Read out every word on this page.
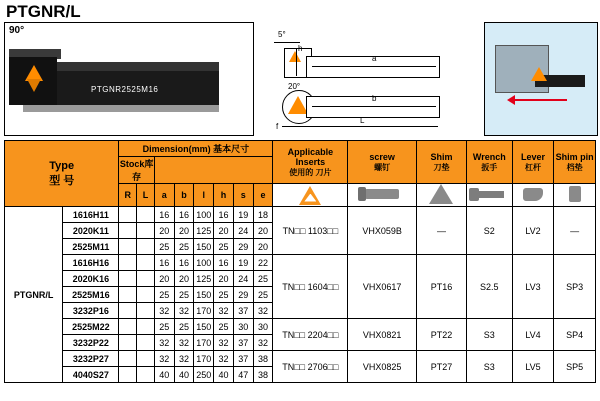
PTGNR/L
90°
PTGNR2525M16
5°
h
a
20°
b
f
L
Type
型 号
	Dimension(mm) 基本尺寸	Applicable Inserts
使用的 刀片

screw
螺钉

Shim
刀垫

Wrench
扳手

Lever
杠杆

Shim pin
档垫

		Stock库存													
		R	L	a	b	l	h	s	e	

PTGNR/L	1616H11			16	16	100	16	19	18	TN□□ 1103□□	VHX059B	—	S2	LV2	—
	2020K11			20	20	125	20	24	20						
	2525M11			25	25	150	25	29	20						
	1616H16			16	16	100	16	19	22	TN□□ 1604□□	VHX0617	PT16	S2.5	LV3	SP3
	2020K16			20	20	125	20	24	25						
	2525M16			25	25	150	25	29	25						
	3232P16			32	32	170	32	37	32						
	2525M22			25	25	150	25	30	30	TN□□ 2204□□	VHX0821	PT22	S3	LV4	SP4
	3232P22			32	32	170	32	37	32						
	3232P27			32	32	170	32	37	38	TN□□ 2706□□	VHX0825	PT27	S3	LV5	SP5
	4040S27			40	40	250	40	47	38						
